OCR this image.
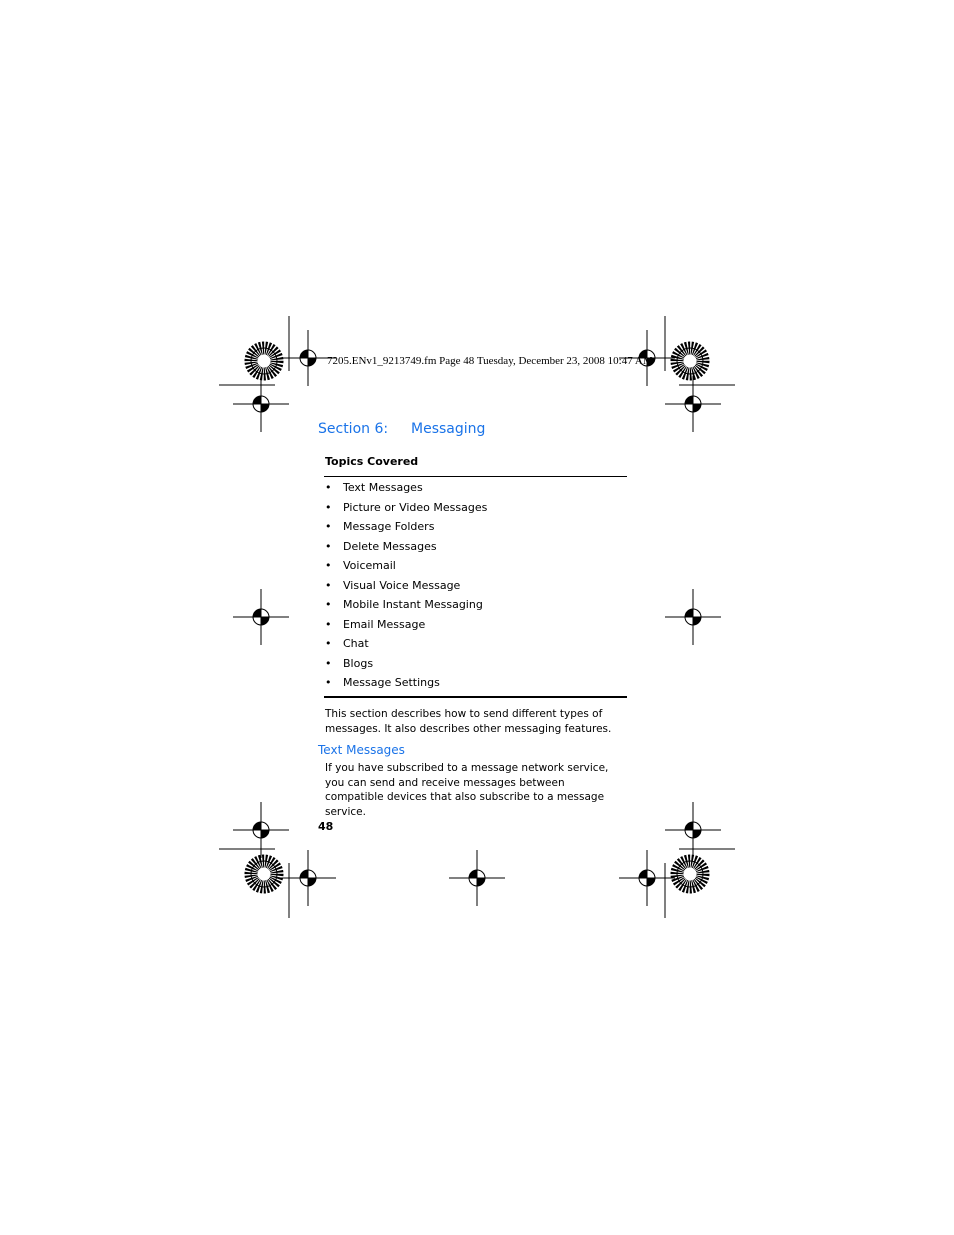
7205.ENv1_9213749.fm Page 48 Tuesday, December 23, 2008 10:47 AM
Section 6: Messaging
Topics Covered
• Text Messages
• Picture or Video Messages
• Message Folders
• Delete Messages
• Voicemail
• Visual Voice Message
• Mobile Instant Messaging
• Email Message
• Chat
• Blogs
• Message Settings

This section describes how to send different types of messages. It also describes other messaging features.

Text Messages

If you have subscribed to a message network service, you can send and receive messages between compatible devices that also subscribe to a message service.

48
